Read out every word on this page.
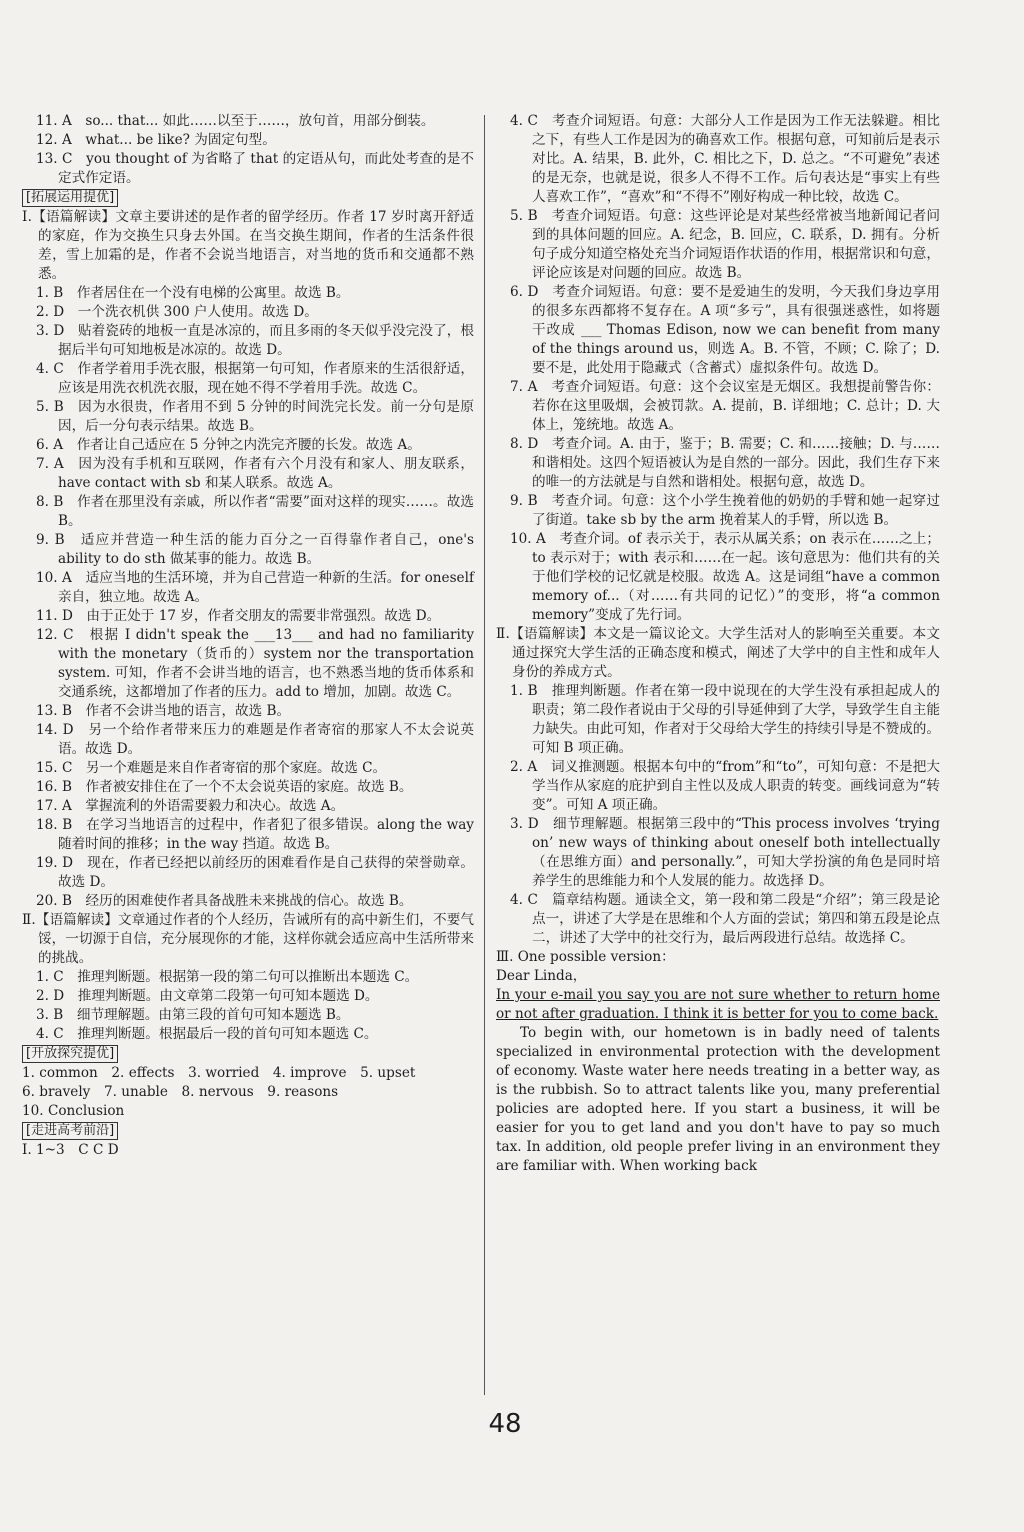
11. A　so... that... 如此……以至于……，放句首，用部分倒装。

12. A　what... be like? 为固定句型。

13. C　you thought of 为省略了 that 的定语从句，而此处考查的是不定式作定语。

[拓展运用提优]

Ⅰ.【语篇解读】文章主要讲述的是作者的留学经历。作者 17 岁时离开舒适的家庭，作为交换生只身去外国。在当交换生期间，作者的生活条件很差，雪上加霜的是，作者不会说当地语言，对当地的货币和交通都不熟悉。

1. B　作者居住在一个没有电梯的公寓里。故选 B。

2. D　一个洗衣机供 300 户人使用。故选 D。

3. D　贴着瓷砖的地板一直是冰凉的，而且多雨的冬天似乎没完没了，根据后半句可知地板是冰凉的。故选 D。

4. C　作者学着用手洗衣服，根据第一句可知，作者原来的生活很舒适，应该是用洗衣机洗衣服，现在她不得不学着用手洗。故选 C。

5. B　因为水很贵，作者用不到 5 分钟的时间洗完长发。前一分句是原因，后一分句表示结果。故选 B。

6. A　作者让自己适应在 5 分钟之内洗完齐腰的长发。故选 A。

7. A　因为没有手机和互联网，作者有六个月没有和家人、朋友联系，have contact with sb 和某人联系。故选 A。

8. B　作者在那里没有亲戚，所以作者“需要”面对这样的现实……。故选 B。

9. B　适应并营造一种生活的能力百分之一百得靠作者自己，one's ability to do sth 做某事的能力。故选 B。

10. A　适应当地的生活环境，并为自己营造一种新的生活。for oneself 亲自，独立地。故选 A。

11. D　由于正处于 17 岁，作者交朋友的需要非常强烈。故选 D。

12. C　根据 I didn't speak the ___13___ and had no familiarity with the monetary（货币的）system nor the transportation system. 可知，作者不会讲当地的语言，也不熟悉当地的货币体系和交通系统，这都增加了作者的压力。add to 增加，加剧。故选 C。

13. B　作者不会讲当地的语言，故选 B。

14. D　另一个给作者带来压力的难题是作者寄宿的那家人不太会说英语。故选 D。

15. C　另一个难题是来自作者寄宿的那个家庭。故选 C。

16. B　作者被安排住在了一个不太会说英语的家庭。故选 B。

17. A　掌握流利的外语需要毅力和决心。故选 A。

18. B　在学习当地语言的过程中，作者犯了很多错误。along the way 随着时间的推移；in the way 挡道。故选 B。

19. D　现在，作者已经把以前经历的困难看作是自己获得的荣誉勋章。故选 D。

20. B　经历的困难使作者具备战胜未来挑战的信心。故选 B。

Ⅱ.【语篇解读】文章通过作者的个人经历，告诫所有的高中新生们，不要气馁，一切源于自信，充分展现你的才能，这样你就会适应高中生活所带来的挑战。

1. C　推理判断题。根据第一段的第二句可以推断出本题选 C。

2. D　推理判断题。由文章第二段第一句可知本题选 D。

3. B　细节理解题。由第三段的首句可知本题选 B。

4. C　推理判断题。根据最后一段的首句可知本题选 C。

[开放探究提优]

1. common　2. effects　3. worried　4. improve　5. upset

6. bravely　7. unable　8. nervous　9. reasons

10. Conclusion

[走进高考前沿]

Ⅰ. 1~3　C C D

4. C　考查介词短语。句意：大部分人工作是因为工作无法躲避。相比之下，有些人工作是因为的确喜欢工作。根据句意，可知前后是表示对比。A. 结果，B. 此外，C. 相比之下，D. 总之。“不可避免”表述的是无奈，也就是说，很多人不得不工作。后句表达是“事实上有些人喜欢工作”，“喜欢”和“不得不”刚好构成一种比较，故选 C。

5. B　考查介词短语。句意：这些评论是对某些经常被当地新闻记者问到的具体问题的回应。A. 纪念，B. 回应，C. 联系，D. 拥有。分析句子成分知道空格处充当介词短语作状语的作用，根据常识和句意，评论应该是对问题的回应。故选 B。

6. D　考查介词短语。句意：要不是爱迪生的发明，今天我们身边享用的很多东西都将不复存在。A 项“多亏”，具有很强迷惑性，如将题干改成 ___ Thomas Edison, now we can benefit from many of the things around us，则选 A。B. 不管，不顾；C. 除了；D. 要不是，此处用于隐藏式（含蓄式）虚拟条件句。故选 D。

7. A　考查介词短语。句意：这个会议室是无烟区。我想提前警告你：若你在这里吸烟，会被罚款。A. 提前，B. 详细地；C. 总计；D. 大体上，笼统地。故选 A。

8. D　考查介词。A. 由于，鉴于；B. 需要；C. 和……接触；D. 与……和谐相处。这四个短语被认为是自然的一部分。因此，我们生存下来的唯一的方法就是与自然和谐相处。根据句意，故选 D。

9. B　考查介词。句意：这个小学生挽着他的奶奶的手臂和她一起穿过了街道。take sb by the arm 挽着某人的手臂，所以选 B。

10. A　考查介词。of 表示关于，表示从属关系；on 表示在……之上；to 表示对于；with 表示和……在一起。该句意思为：他们共有的关于他们学校的记忆就是校服。故选 A。这是词组“have a common memory of...（对……有共同的记忆）”的变形，将“a common memory”变成了先行词。

Ⅱ.【语篇解读】本文是一篇议论文。大学生活对人的影响至关重要。本文通过探究大学生活的正确态度和模式，阐述了大学中的自主性和成年人身份的养成方式。

1. B　推理判断题。作者在第一段中说现在的大学生没有承担起成人的职责；第二段作者说由于父母的引导延伸到了大学，导致学生自主能力缺失。由此可知，作者对于父母给大学生的持续引导是不赞成的。可知 B 项正确。

2. A　词义推测题。根据本句中的“from”和“to”，可知句意：不是把大学当作从家庭的庇护到自主性以及成人职责的转变。画线词意为“转变”。可知 A 项正确。

3. D　细节理解题。根据第三段中的“This process involves ‘trying on’ new ways of thinking about oneself both intellectually（在思维方面）and personally.”，可知大学扮演的角色是同时培养学生的思维能力和个人发展的能力。故选择 D。

4. C　篇章结构题。通读全文，第一段和第二段是“介绍”；第三段是论点一，讲述了大学是在思维和个人方面的尝试；第四和第五段是论点二，讲述了大学中的社交行为，最后两段进行总结。故选择 C。

Ⅲ. One possible version：

Dear Linda，

In your e-mail you say you are not sure whether to return home or not after graduation. I think it is better for you to come back.

To begin with, our hometown is in badly need of talents specialized in environmental protection with the development of economy. Waste water here needs treating in a better way, as is the rubbish. So to attract talents like you, many preferential policies are adopted here. If you start a business, it will be easier for you to get land and you don't have to pay so much tax. In addition, old people prefer living in an environment they are familiar with. When working back

48
